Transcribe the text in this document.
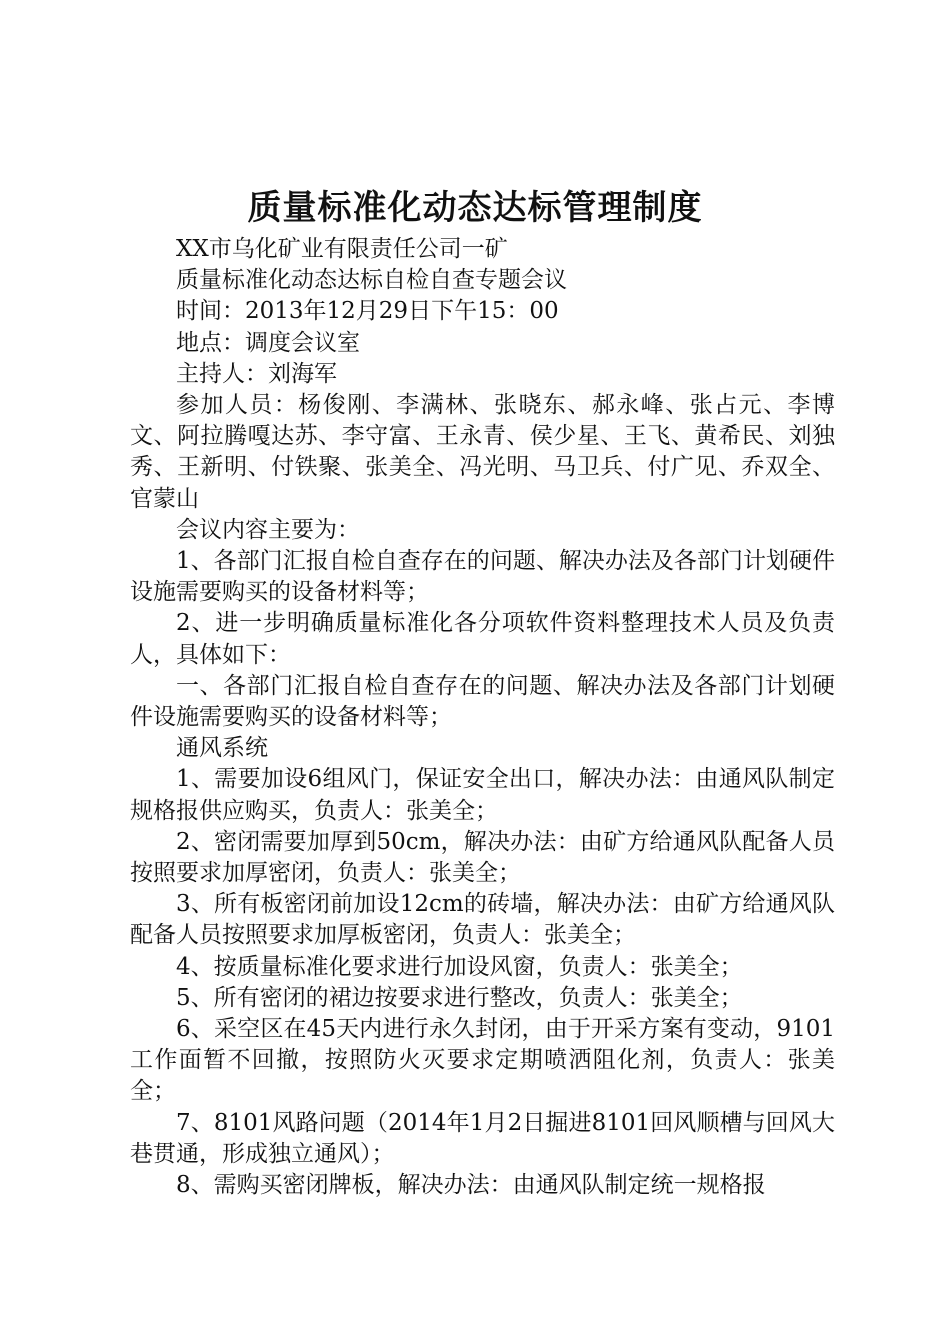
质量标准化动态达标管理制度

XX市乌化矿业有限责任公司一矿

质量标准化动态达标自检自查专题会议

时间：2013年12月29日下午15：00

地点：调度会议室

主持人：刘海军

参加人员：杨俊刚、李满林、张晓东、郝永峰、张占元、李博文、阿拉腾嘎达苏、李守富、王永青、侯少星、王飞、黄希民、刘独秀、王新明、付铁聚、张美全、冯光明、马卫兵、付广见、乔双全、官蒙山

会议内容主要为：

1、各部门汇报自检自查存在的问题、解决办法及各部门计划硬件设施需要购买的设备材料等；

2、进一步明确质量标准化各分项软件资料整理技术人员及负责人，具体如下：

一、各部门汇报自检自查存在的问题、解决办法及各部门计划硬件设施需要购买的设备材料等；

通风系统

1、需要加设6组风门，保证安全出口，解决办法：由通风队制定规格报供应购买，负责人：张美全；

2、密闭需要加厚到50cm，解决办法：由矿方给通风队配备人员按照要求加厚密闭，负责人：张美全；

3、所有板密闭前加设12cm的砖墙，解决办法：由矿方给通风队配备人员按照要求加厚板密闭，负责人：张美全；

4、按质量标准化要求进行加设风窗，负责人：张美全；

5、所有密闭的裙边按要求进行整改，负责人：张美全；

6、采空区在45天内进行永久封闭，由于开采方案有变动，9101工作面暂不回撤，按照防火灭要求定期喷洒阻化剂，负责人：张美全；

7、8101风路问题（2014年1月2日掘进8101回风顺槽与回风大巷贯通，形成独立通风）；

8、需购买密闭牌板，解决办法：由通风队制定统一规格报
